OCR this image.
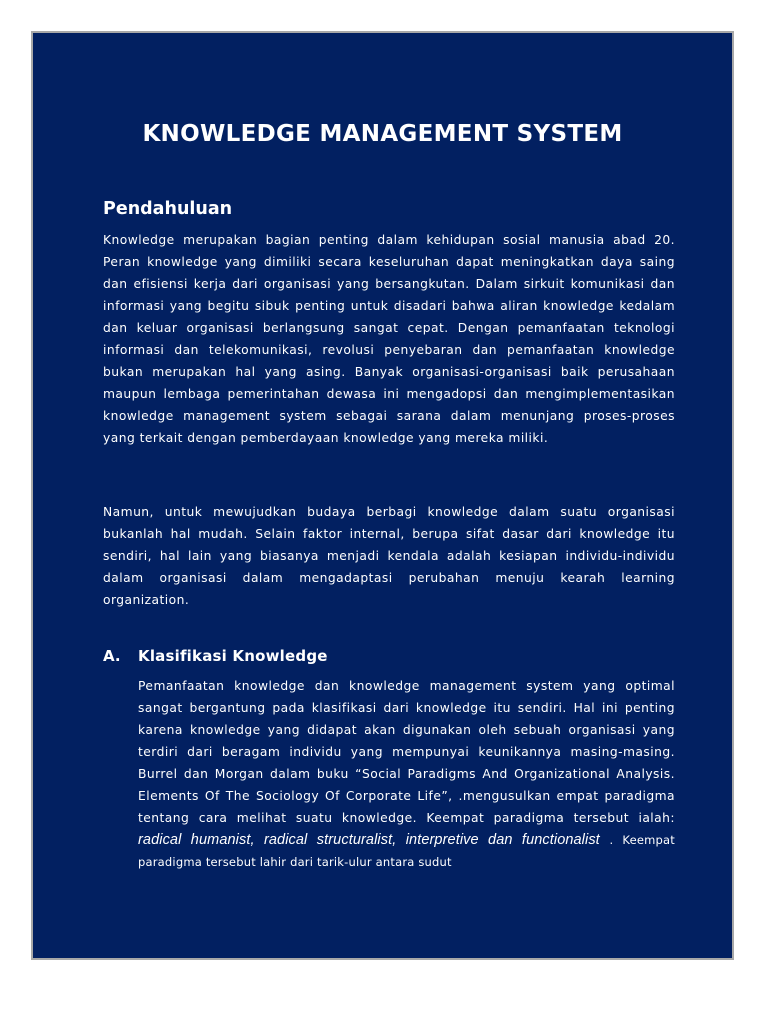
KNOWLEDGE MANAGEMENT SYSTEM
Pendahuluan
Knowledge merupakan bagian penting dalam kehidupan sosial manusia abad 20. Peran knowledge yang dimiliki secara keseluruhan dapat meningkatkan daya saing dan efisiensi kerja dari organisasi yang bersangkutan. Dalam sirkuit komunikasi dan informasi yang begitu sibuk penting untuk disadari bahwa aliran knowledge kedalam dan keluar organisasi berlangsung sangat cepat. Dengan pemanfaatan teknologi informasi dan telekomunikasi, revolusi penyebaran dan pemanfaatan knowledge bukan merupakan hal yang asing. Banyak organisasi-organisasi baik perusahaan maupun lembaga pemerintahan dewasa ini mengadopsi dan mengimplementasikan knowledge management system sebagai sarana dalam menunjang proses-proses yang terkait dengan pemberdayaan knowledge yang mereka miliki.
Namun, untuk mewujudkan budaya berbagi knowledge dalam suatu organisasi bukanlah hal mudah. Selain faktor internal, berupa sifat dasar dari knowledge itu sendiri, hal lain yang biasanya menjadi kendala adalah kesiapan individu-individu dalam organisasi dalam mengadaptasi perubahan menuju kearah learning organization.
A. Klasifikasi Knowledge
Pemanfaatan knowledge dan knowledge management system yang optimal sangat bergantung pada klasifikasi dari knowledge itu sendiri. Hal ini penting karena knowledge yang didapat akan digunakan oleh sebuah organisasi yang terdiri dari beragam individu yang mempunyai keunikannya masing-masing. Burrel dan Morgan dalam buku “Social Paradigms And Organizational Analysis. Elements Of The Sociology Of Corporate Life”, .mengusulkan empat paradigma tentang cara melihat suatu knowledge. Keempat paradigma tersebut ialah: radical humanist, radical structuralist, interpretive dan functionalist . Keempat paradigma tersebut lahir dari tarik-ulur antara sudut
